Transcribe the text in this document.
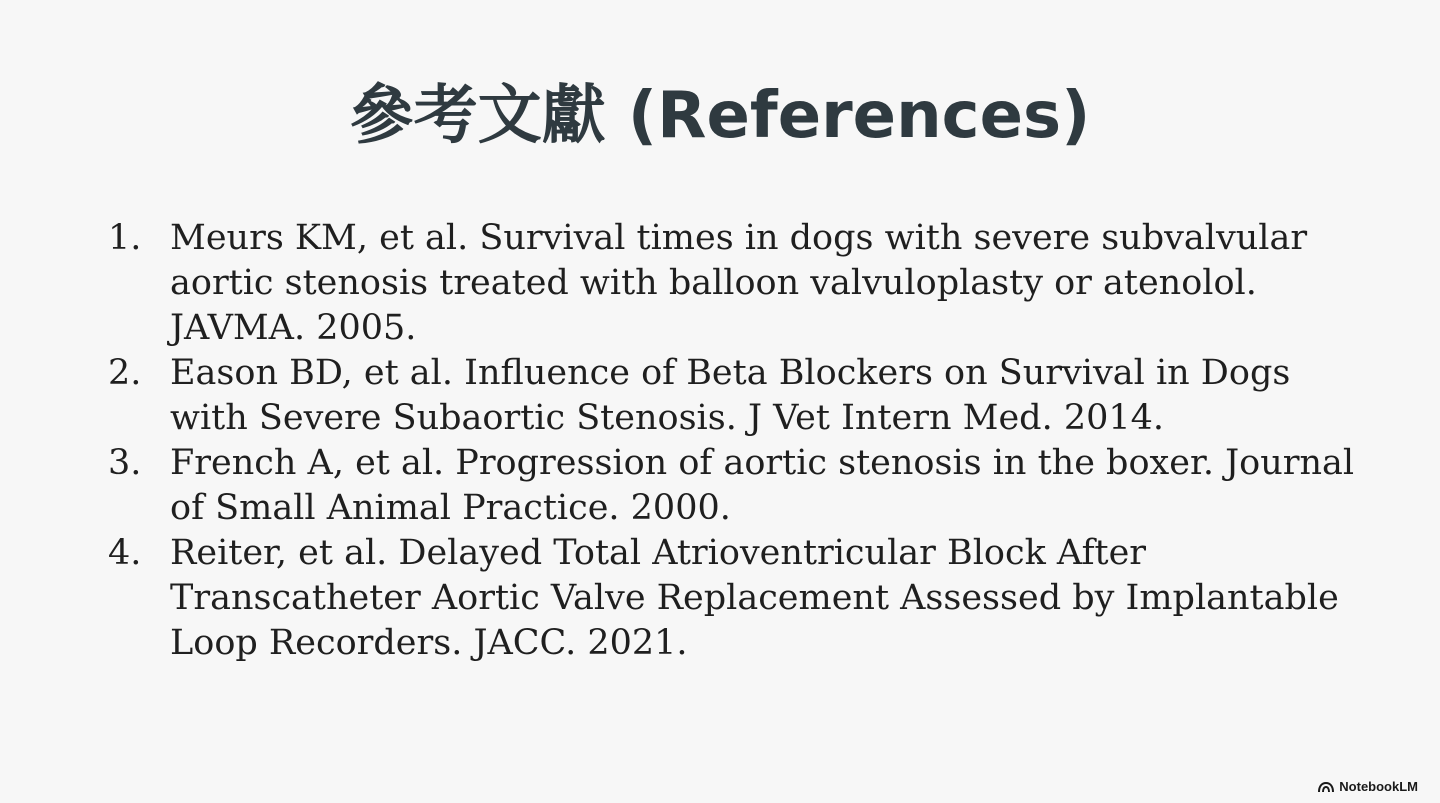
參考文獻 (References)
1. Meurs KM, et al. Survival times in dogs with severe subvalvular aortic stenosis treated with balloon valvuloplasty or atenolol. JAVMA. 2005.
2. Eason BD, et al. Influence of Beta Blockers on Survival in Dogs with Severe Subaortic Stenosis. J Vet Intern Med. 2014.
3. French A, et al. Progression of aortic stenosis in the boxer. Journal of Small Animal Practice. 2000.
4. Reiter, et al. Delayed Total Atrioventricular Block After Transcatheter Aortic Valve Replacement Assessed by Implantable Loop Recorders. JACC. 2021.
NotebookLM
